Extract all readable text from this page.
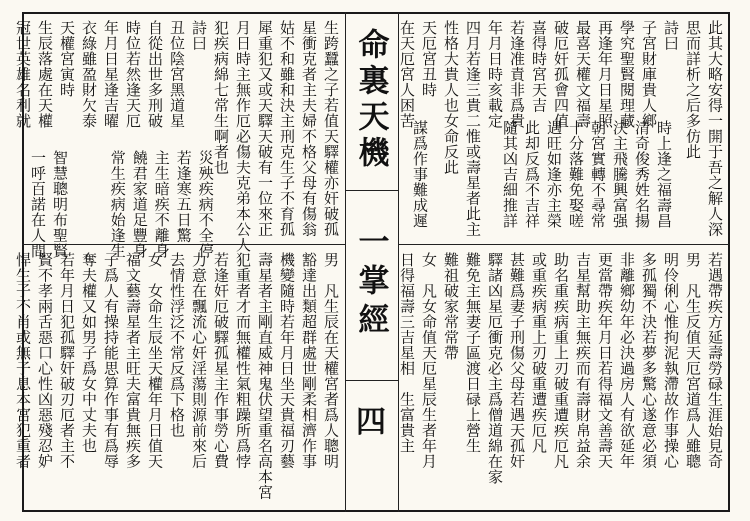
命裏天機
一掌經
四
此其大略安得一開于吾之解人深
思而詳析之后多仿此
詩曰
子宮財庫貴人鄉
學究聖賢閱理藏
再逢年月日星照
最喜天權文福壽
破厄奸孤會四值
喜得時宮天吉
若逢准責非爲貴
年月日時亥載定
四月若逢三貴二惟或壽星者此主
性格大貴人也女命反此
天厄宮丑時
在天厄宮人困苦
時上逢之福壽昌
清奇俊秀姓名揚
決主飛騰興富强
朝宮實轉不尋常
十分落難免娶嗟
遇旺如逢亦主榮
此却反爲不吉祥
隨其凶吉細推詳
謀爲作事難成遲
若遇帶疾方延壽勞碌生涯始見奇
男　凡生反值天厄宮道爲人雖聰
明伶俐心惟拘泥執滯故作事操心
多孤獨不決若夢多驚心遂意必須
非離鄉幼年必決過房人有欲延年
更當帶疾年月日若得福文善壽天
吉星幫助主無疾而有壽財帛益余
助名重疾病重上刃破重遭疾厄凡
或重疾病重上刃破重遭疾厄凡
甚難爲妻子刑傷父母若遇天孤奸
驛諸凶星厄衝克必主爲僧道綿在家
難免主無妻子區渡日碌上營生
難祖破家常常帶
女　凡女命值天厄星辰生者年月
日得福壽三吉星相　生富貴主
生跨蠶之子若值天驛權亦奸破孤
星衝克者主夫婦不格父母有傷翁
姑不和雖和決主刑克生子不育孤
犀重犯又或天驛天破有一位來正
月日時主無作厄必傷夫克弟本公人
犯疾病綿七常生啊者也
詩曰
丑位陰宮黑道星
自從出世多刑破
時位若然逢天厄
年月日星逢吉曜
衣綠雖盈財欠泰
天權宮寅時
生辰落處在天權
冠世英雄名利就
災殃疾病不全停
若逢寒五日驚
主生暗疾不離身
饒君家道足豐身
常生疾病始逢生
智慧聰明布聖賢
一呼百諾在人間
男　凡生辰在天權宮者爲人聰明
豁達出類超群處世剛柔相濟作事
機變隨時若年月日坐天貴福刃藝
壽星者主剛直威神鬼伏望重名高本宮
犯重者才而無權性氣粗躁所爲悖
若逢奸厄破驛孤星主作事勞心費
力意在飄流心奸淫蕩則源前來后
去情性浮泛不常反爲下格也
女　女命生辰坐天權年月日值天
福文藝壽星者主旺夫富貴無疾多
子爲人有操持能思算作事有爲辱
奪夫權又如男子爲女中丈夫也
若年月日犯孤驛奸破刃厄者主不
賢不孝兩舌惡口心性凶惡殘忍妒
悍生子不肖或無子息本宮犯重者
